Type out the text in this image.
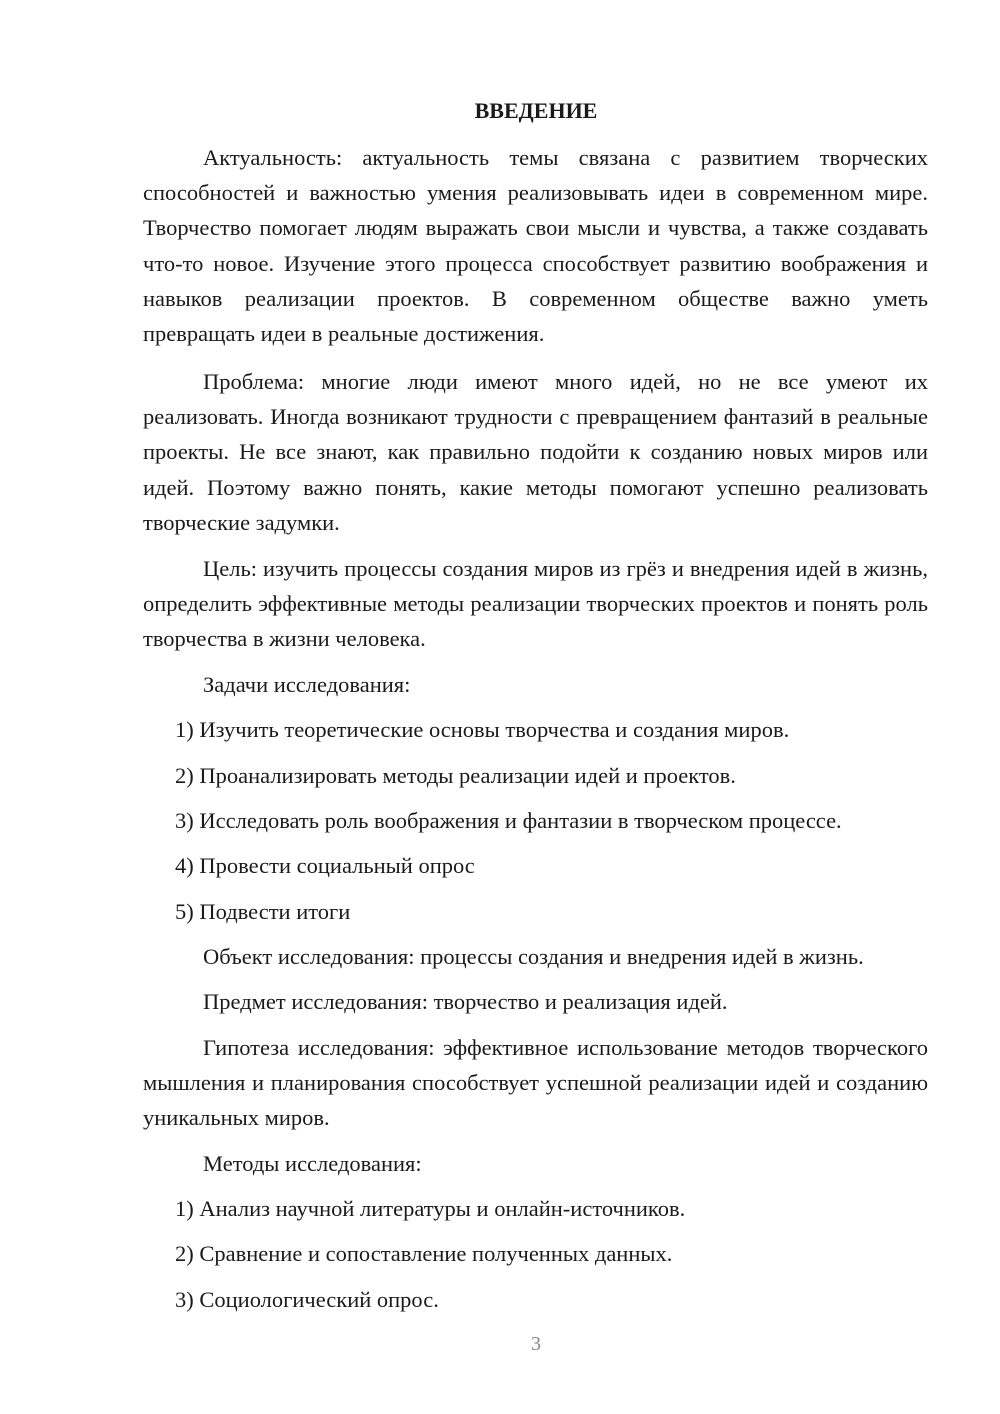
ВВЕДЕНИЕ

Актуальность: актуальность темы связана с развитием творческих способностей и важностью умения реализовывать идеи в современном мире. Творчество помогает людям выражать свои мысли и чувства, а также создавать что-то новое. Изучение этого процесса способствует развитию воображения и навыков реализации проектов. В современном обществе важно уметь превращать идеи в реальные достижения.

Проблема: многие люди имеют много идей, но не все умеют их реализовать. Иногда возникают трудности с превращением фантазий в реальные проекты. Не все знают, как правильно подойти к созданию новых миров или идей. Поэтому важно понять, какие методы помогают успешно реализовать творческие задумки.

Цель: изучить процессы создания миров из грёз и внедрения идей в жизнь, определить эффективные методы реализации творческих проектов и понять роль творчества в жизни человека.

Задачи исследования:
1) Изучить теоретические основы творчества и создания миров.
2) Проанализировать методы реализации идей и проектов.
3) Исследовать роль воображения и фантазии в творческом процессе.
4) Провести социальный опрос
5) Подвести итоги
Объект исследования: процессы создания и внедрения идей в жизнь.
Предмет исследования: творчество и реализация идей.

Гипотеза исследования: эффективное использование методов творческого мышления и планирования способствует успешной реализации идей и созданию уникальных миров.

Методы исследования:
1) Анализ научной литературы и онлайн-источников.
2) Сравнение и сопоставление полученных данных.
3) Социологический опрос.
3
